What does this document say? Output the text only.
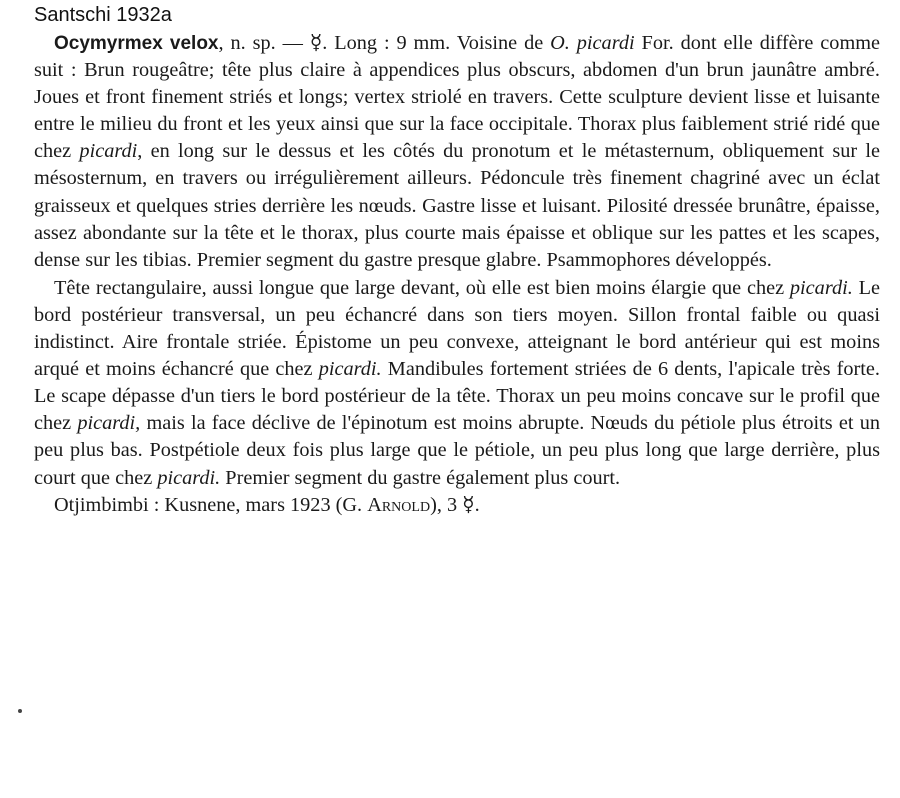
Santschi 1932a

Ocymyrmex velox, n. sp. — ☿. Long : 9 mm. Voisine de O. picardi For. dont elle diffère comme suit : Brun rougeâtre; tête plus claire à appendices plus obscurs, abdomen d'un brun jaunâtre ambré. Joues et front finement striés et longs; vertex striolé en travers. Cette sculpture devient lisse et luisante entre le milieu du front et les yeux ainsi que sur la face occipitale. Thorax plus faiblement strié ridé que chez picardi, en long sur le dessus et les côtés du pronotum et le métasternum, obliquement sur le mésosternum, en travers ou irrégulièrement ailleurs. Pédoncule très finement chagriné avec un éclat graisseux et quelques stries derrière les nœuds. Gastre lisse et luisant. Pilosité dressée brunâtre, épaisse, assez abondante sur la tête et le thorax, plus courte mais épaisse et oblique sur les pattes et les scapes, dense sur les tibias. Premier segment du gastre presque glabre. Psammophores développés.

Tête rectangulaire, aussi longue que large devant, où elle est bien moins élargie que chez picardi. Le bord postérieur transversal, un peu échancré dans son tiers moyen. Sillon frontal faible ou quasi indistinct. Aire frontale striée. Épistome un peu convexe, atteignant le bord antérieur qui est moins arqué et moins échancré que chez picardi. Mandibules fortement striées de 6 dents, l'apicale très forte. Le scape dépasse d'un tiers le bord postérieur de la tête. Thorax un peu moins concave sur le profil que chez picardi, mais la face déclive de l'épinotum est moins abrupte. Nœuds du pétiole plus étroits et un peu plus bas. Postpétiole deux fois plus large que le pétiole, un peu plus long que large derrière, plus court que chez picardi. Premier segment du gastre également plus court.

Otjimbimbi : Kusnene, mars 1923 (G. Arnold), 3 ☿.
